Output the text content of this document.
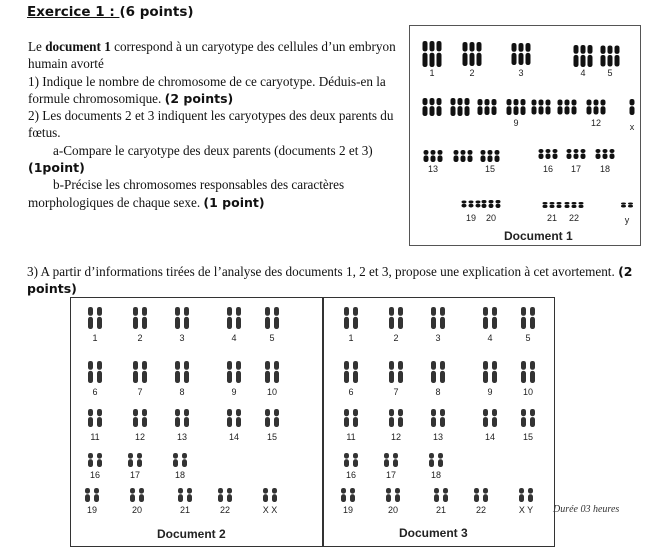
Exercice 1 : (6 points)
Le document 1 correspond à un caryotype des cellules d’un embryon humain avorté
1) Indique le nombre de chromosome de ce caryotype. Déduis-en la formule chromosomique. (2 points)
2) Les documents 2 et 3 indiquent les caryotypes des deux parents du fœtus.
a-Compare le caryotype des deux parents (documents 2 et 3) (1point)
b-Précise les chromosomes responsables des caractères morphologiques de chaque sexe. (1 point)
3) A partir d’informations tirées de l’analyse des documents 1, 2 et 3, propose une explication à cet avortement. (2 points)
Document 1
Document 2	Document 3
Durée 03 heures
1	2	3	4 5
9	12	x
13	15	16 17 18
19 20	21 22	y
1	2	3	4	5
6	7	8	9	10
11	12	13	14	15
16	17	18
19	20	21	22	X X
1	2	3	4	5
6	7	8	9	10
11	12	13	14	15
16	17	18
19	20	21	22	X Y
